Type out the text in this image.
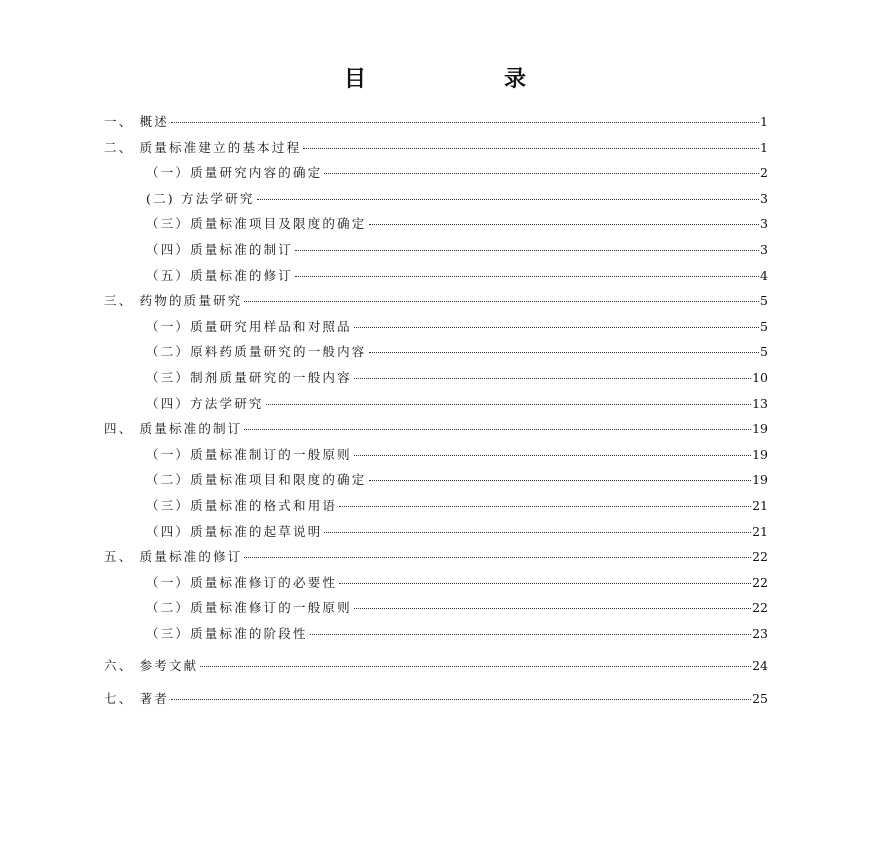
目　录
一、 概述	1
二、 质量标准建立的基本过程	1
（一）质量研究内容的确定	2
(二) 方法学研究	3
（三）质量标准项目及限度的确定	3
（四）质量标准的制订	3
（五）质量标准的修订	4
三、 药物的质量研究	5
（一）质量研究用样品和对照品	5
（二）原料药质量研究的一般内容	5
（三）制剂质量研究的一般内容	10
（四）方法学研究	13
四、 质量标准的制订	19
（一）质量标准制订的一般原则	19
（二）质量标准项目和限度的确定	19
（三）质量标准的格式和用语	21
（四）质量标准的起草说明	21
五、 质量标准的修订	22
（一）质量标准修订的必要性	22
（二）质量标准修订的一般原则	22
（三）质量标准的阶段性	23
六、 参考文献	24
七、 著者	25
